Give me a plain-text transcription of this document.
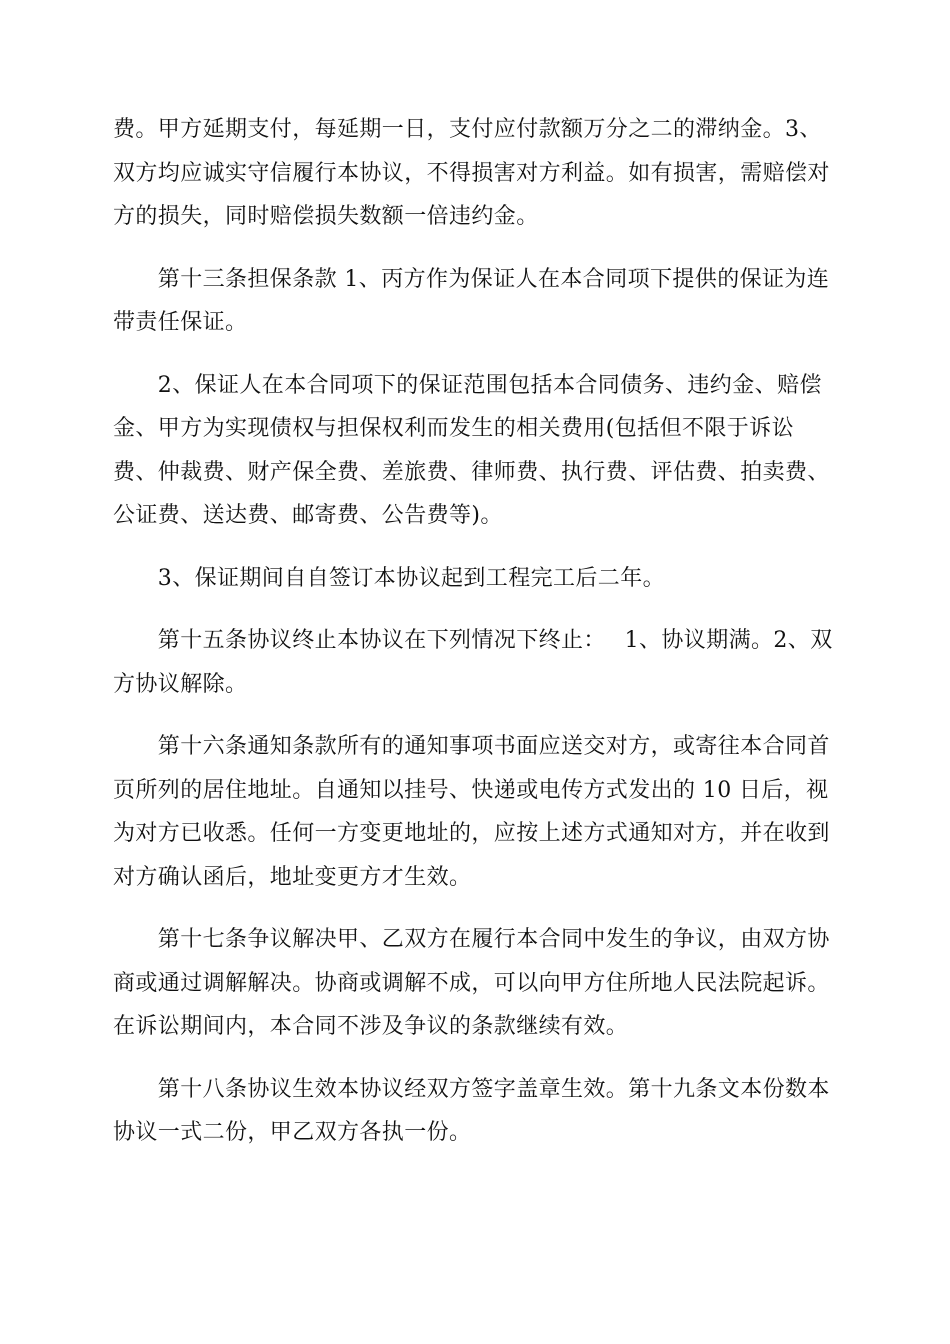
费。甲方延期支付，每延期一日，支付应付款额万分之二的滞纳金。3、
双方均应诚实守信履行本协议，不得损害对方利益。如有损害，需赔偿对
方的损失，同时赔偿损失数额一倍违约金。

　　第十三条担保条款 1、丙方作为保证人在本合同项下提供的保证为连
带责任保证。

　　2、保证人在本合同项下的保证范围包括本合同债务、违约金、赔偿
金、甲方为实现债权与担保权利而发生的相关费用(包括但不限于诉讼
费、仲裁费、财产保全费、差旅费、律师费、执行费、评估费、拍卖费、
公证费、送达费、邮寄费、公告费等)。

　　3、保证期间自自签订本协议起到工程完工后二年。

　　第十五条协议终止本协议在下列情况下终止：　 1、协议期满。2、双
方协议解除。

　　第十六条通知条款所有的通知事项书面应送交对方，或寄往本合同首
页所列的居住地址。自通知以挂号、快递或电传方式发出的 10 日后，视
为对方已收悉。任何一方变更地址的，应按上述方式通知对方，并在收到
对方确认函后，地址变更方才生效。

　　第十七条争议解决甲、乙双方在履行本合同中发生的争议，由双方协
商或通过调解解决。协商或调解不成，可以向甲方住所地人民法院起诉。
在诉讼期间内，本合同不涉及争议的条款继续有效。

　　第十八条协议生效本协议经双方签字盖章生效。第十九条文本份数本
协议一式二份，甲乙双方各执一份。
